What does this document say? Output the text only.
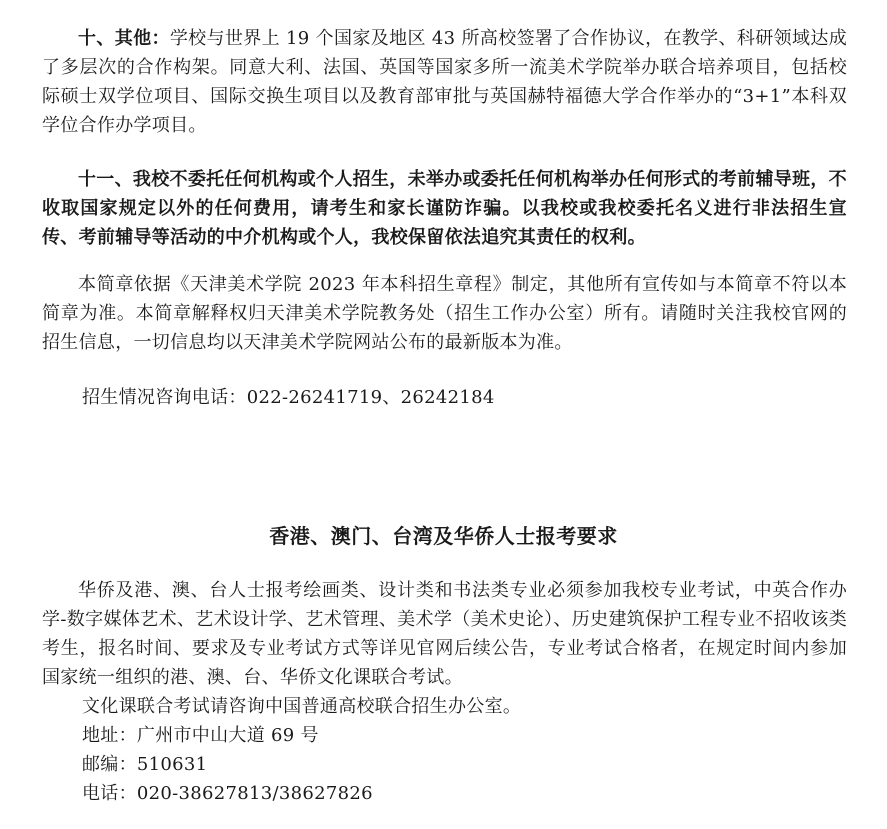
十、其他：学校与世界上 19 个国家及地区 43 所高校签署了合作协议，在教学、科研领域达成了多层次的合作构架。同意大利、法国、英国等国家多所一流美术学院举办联合培养项目，包括校际硕士双学位项目、国际交换生项目以及教育部审批与英国赫特福德大学合作举办的“3+1”本科双学位合作办学项目。
十一、我校不委托任何机构或个人招生，未举办或委托任何机构举办任何形式的考前辅导班，不收取国家规定以外的任何费用，请考生和家长谨防诈骗。以我校或我校委托名义进行非法招生宣传、考前辅导等活动的中介机构或个人，我校保留依法追究其责任的权利。
本简章依据《天津美术学院 2023 年本科招生章程》制定，其他所有宣传如与本简章不符以本简章为准。本简章解释权归天津美术学院教务处（招生工作办公室）所有。请随时关注我校官网的招生信息，一切信息均以天津美术学院网站公布的最新版本为准。
招生情况咨询电话：022-26241719、26242184
香港、澳门、台湾及华侨人士报考要求
华侨及港、澳、台人士报考绘画类、设计类和书法类专业必须参加我校专业考试，中英合作办学-数字媒体艺术、艺术设计学、艺术管理、美术学（美术史论）、历史建筑保护工程专业不招收该类考生，报名时间、要求及专业考试方式等详见官网后续公告，专业考试合格者，在规定时间内参加国家统一组织的港、澳、台、华侨文化课联合考试。
文化课联合考试请咨询中国普通高校联合招生办公室。
地址：广州市中山大道 69 号
邮编：510631
电话：020-38627813/38627826
